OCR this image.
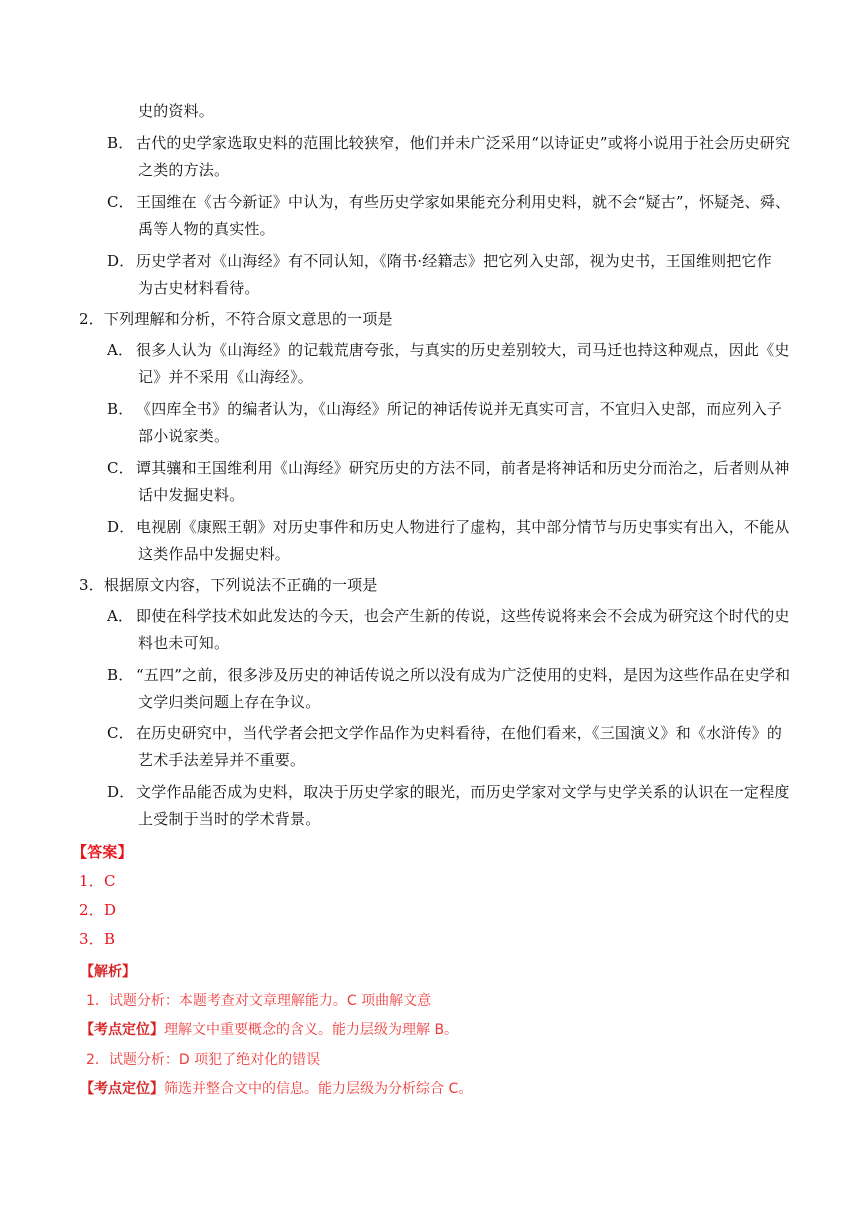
史的资料。
B． 古代的史学家选取史料的范围比较狭窄，他们并未广泛采用“以诗证史”或将小说用于社会历史研究
之类的方法。
C． 王国维在《古今新证》中认为，有些历史学家如果能充分利用史料，就不会“疑古”，怀疑尧、舜、
禹等人物的真实性。
D． 历史学者对《山海经》有不同认知，《隋书·经籍志》把它列入史部，视为史书，王国维则把它作
为古史材料看待。
2．下列理解和分析，不符合原文意思的一项是
A． 很多人认为《山海经》的记载荒唐夸张，与真实的历史差别较大，司马迁也持这种观点，因此《史
记》并不采用《山海经》。
B． 《四库全书》的编者认为，《山海经》所记的神话传说并无真实可言，不宜归入史部，而应列入子
部小说家类。
C． 谭其骧和王国维利用《山海经》研究历史的方法不同，前者是将神话和历史分而治之，后者则从神
话中发掘史料。
D． 电视剧《康熙王朝》对历史事件和历史人物进行了虚构，其中部分情节与历史事实有出入，不能从
这类作品中发掘史料。
3．根据原文内容，下列说法不正确的一项是
A． 即使在科学技术如此发达的今天，也会产生新的传说，这些传说将来会不会成为研究这个时代的史
料也未可知。
B． “五四”之前，很多涉及历史的神话传说之所以没有成为广泛使用的史料，是因为这些作品在史学和
文学归类问题上存在争议。
C． 在历史研究中，当代学者会把文学作品作为史料看待，在他们看来，《三国演义》和《水浒传》的
艺术手法差异并不重要。
D． 文学作品能否成为史料，取决于历史学家的眼光，而历史学家对文学与史学关系的认识在一定程度
上受制于当时的学术背景。
【答案】
1．C
2．D
3．B
【解析】
1．试题分析：本题考查对文章理解能力。C 项曲解文意
【考点定位】理解文中重要概念的含义。能力层级为理解 B。
2．试题分析：D 项犯了绝对化的错误
【考点定位】筛选并整合文中的信息。能力层级为分析综合 C。
